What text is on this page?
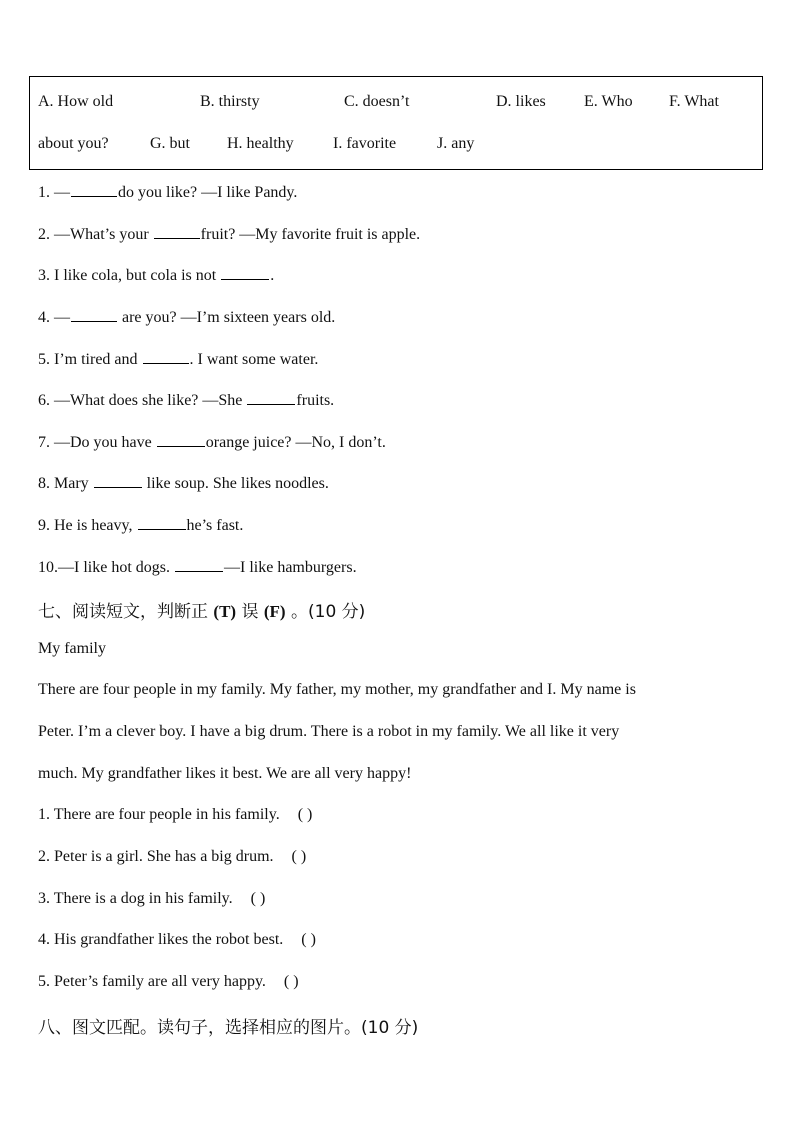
A. How old	B. thirsty	C. doesn’t	D. likes E. Who F. What
about you?	G. but H. healthy I. favorite	J. any
1. —	do you like? —I like Pandy.
2. —What’s your	fruit? —My favorite fruit is apple.
3. I like cola, but cola is not	.
4. —	are you? —I’m sixteen years old.
5. I’m tired and	. I want some water.
6. —What does she like? —She	fruits.
7. —Do you have	orange juice? —No, I don’t.
8. Mary	like soup. She likes noodles.
9. He is heavy,	he’s fast.
10.—I like hot dogs.	—I like hamburgers.
七、阅读短文，判断正 (T) 误 (F) 。(10 分)
My family
There are four people in my family. My father, my mother, my grandfather and I. My name is
Peter. I’m a clever boy. I have a big drum. There is a robot in my family. We all like it very
much. My grandfather likes it best. We are all very happy!
1. There are four people in his family. ( )
2. Peter is a girl. She has a big drum. ( )
3. There is a dog in his family. ( )
4. His grandfather likes the robot best. ( )
5. Peter’s family are all very happy. ( )
八、图文匹配。读句子，选择相应的图片。(10 分)
